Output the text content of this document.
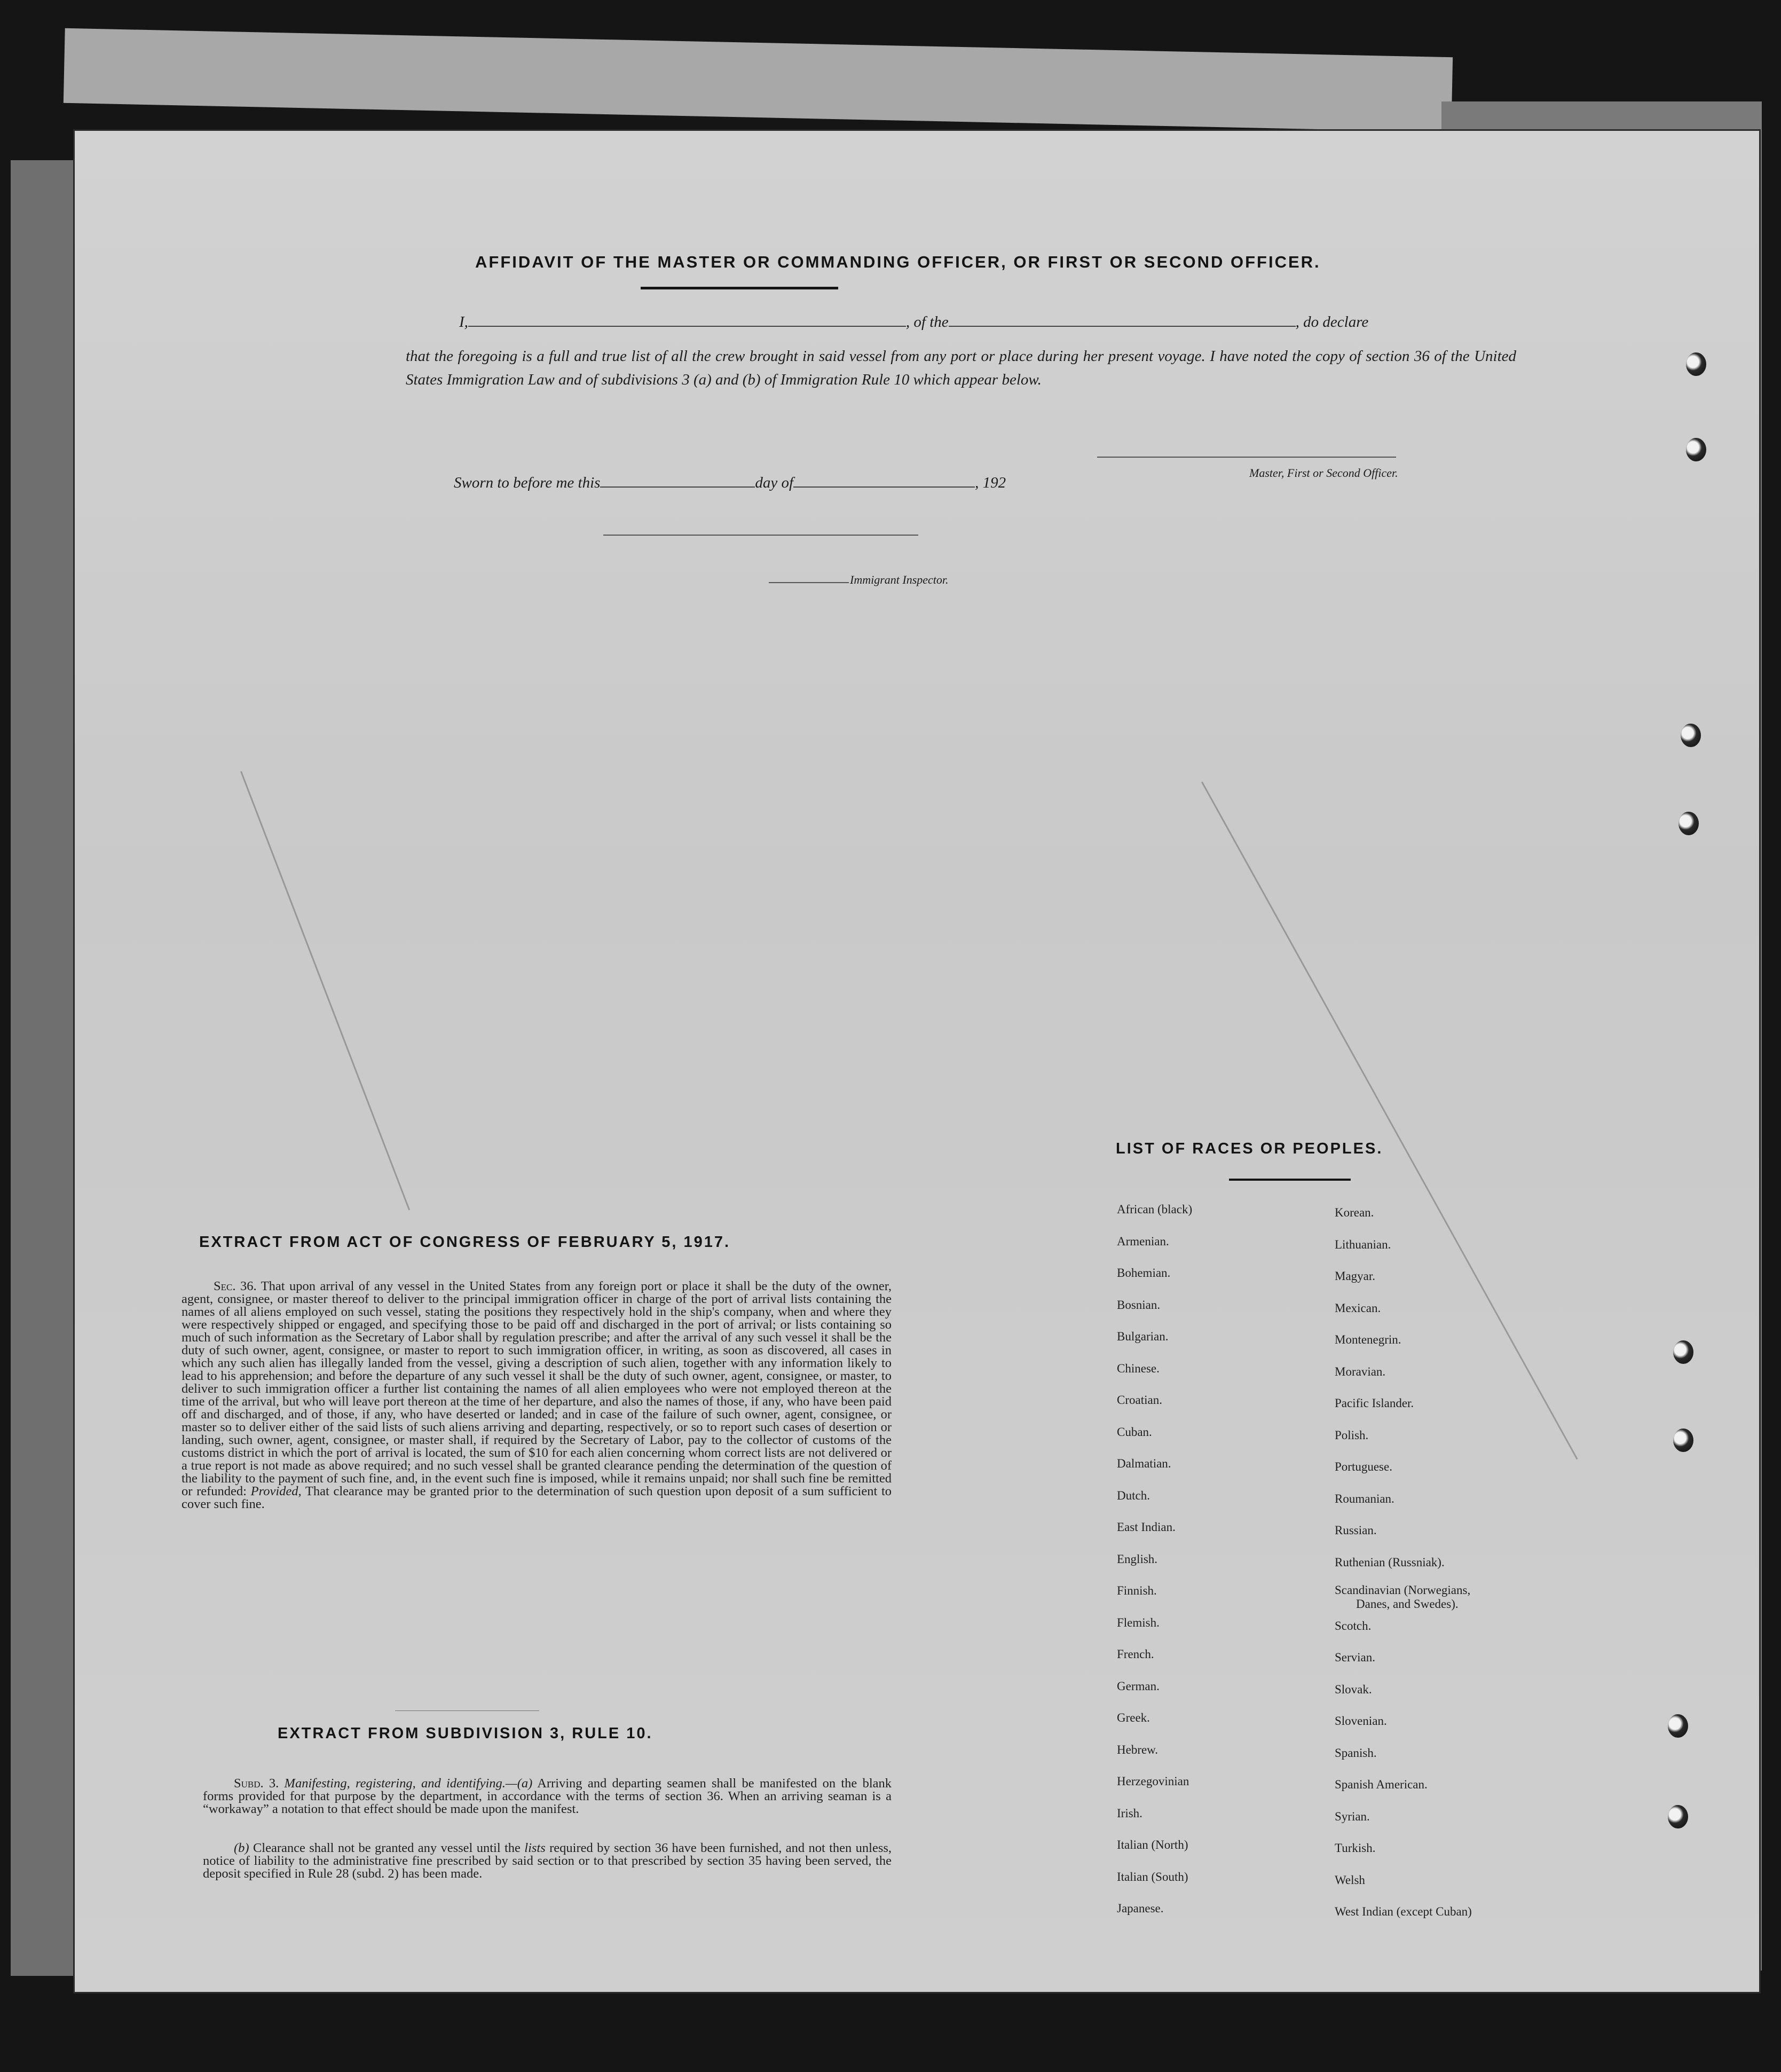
AFFIDAVIT OF THE MASTER OR COMMANDING OFFICER, OR FIRST OR SECOND OFFICER.
I,	, of the	, do declare
that the foregoing is a full and true list of all the crew brought in said vessel from any port or place during her present voyage. I have noted the copy of section 36 of the United States Immigration Law and of subdivisions 3 (a) and (b) of Immigration Rule 10 which appear below.
Master, First or Second Officer.
Sworn to before me this	day of	, 192
Immigrant Inspector.
EXTRACT FROM ACT OF CONGRESS OF FEBRUARY 5, 1917.
Sec. 36. That upon arrival of any vessel in the United States from any foreign port or place it shall be the duty of the owner, agent, consignee, or master thereof to deliver to the principal immigration officer in charge of the port of arrival lists containing the names of all aliens employed on such vessel, stating the positions they respectively hold in the ship's company, when and where they were respectively shipped or engaged, and specifying those to be paid off and discharged in the port of arrival; or lists containing so much of such information as the Secretary of Labor shall by regulation prescribe; and after the arrival of any such vessel it shall be the duty of such owner, agent, consignee, or master to report to such immigration officer, in writing, as soon as discovered, all cases in which any such alien has illegally landed from the vessel, giving a description of such alien, together with any information likely to lead to his apprehension; and before the departure of any such vessel it shall be the duty of such owner, agent, consignee, or master, to deliver to such immigration officer a further list containing the names of all alien employees who were not employed thereon at the time of the arrival, but who will leave port thereon at the time of her departure, and also the names of those, if any, who have been paid off and discharged, and of those, if any, who have deserted or landed; and in case of the failure of such owner, agent, consignee, or master so to deliver either of the said lists of such aliens arriving and departing, respectively, or so to report such cases of desertion or landing, such owner, agent, consignee, or master shall, if required by the Secretary of Labor, pay to the collector of customs of the customs district in which the port of arrival is located, the sum of $10 for each alien concerning whom correct lists are not delivered or a true report is not made as above required; and no such vessel shall be granted clearance pending the determination of the question of the liability to the payment of such fine, and, in the event such fine is imposed, while it remains unpaid; nor shall such fine be remitted or refunded: Provided, That clearance may be granted prior to the determination of such question upon deposit of a sum sufficient to cover such fine.
EXTRACT FROM SUBDIVISION 3, RULE 10.
Subd. 3. Manifesting, registering, and identifying.—(a) Arriving and departing seamen shall be manifested on the blank forms provided for that purpose by the department, in accordance with the terms of section 36. When an arriving seaman is a “workaway” a notation to that effect should be made upon the manifest.
(b) Clearance shall not be granted any vessel until the lists required by section 36 have been furnished, and not then unless, notice of liability to the administrative fine prescribed by said section or to that prescribed by section 35 having been served, the deposit specified in Rule 28 (subd. 2) has been made.
LIST OF RACES OR PEOPLES.
African (black)
Armenian.
Bohemian.
Bosnian.
Bulgarian.
Chinese.
Croatian.
Cuban.
Dalmatian.
Dutch.
East Indian.
English.
Finnish.
Flemish.
French.
German.
Greek.
Hebrew.
Herzegovinian
Irish.
Italian (North)
Italian (South)
Japanese.
Korean.
Lithuanian.
Magyar.
Mexican.
Montenegrin.
Moravian.
Pacific Islander.
Polish.
Portuguese.
Roumanian.
Russian.
Ruthenian (Russniak).
Scandinavian (Norwegians,
Danes, and Swedes).
Scotch.
Servian.
Slovak.
Slovenian.
Spanish.
Spanish American.
Syrian.
Turkish.
Welsh
West Indian (except Cuban)
